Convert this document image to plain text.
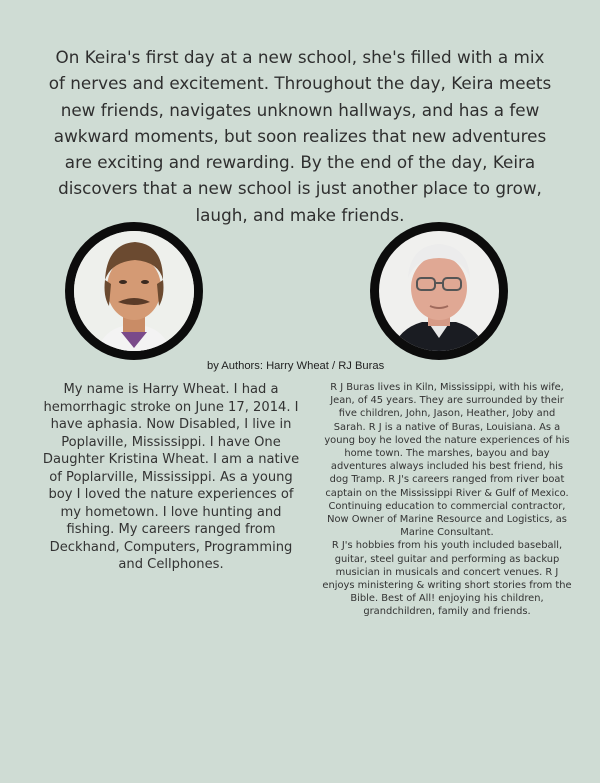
On Keira's first day at a new school, she's filled with a mix of nerves and excitement. Throughout the day, Keira meets new friends, navigates unknown hallways, and has a few awkward moments, but soon realizes that new adventures are exciting and rewarding. By the end of the day, Keira discovers that a new school is just another place to grow, laugh, and make friends.

by Authors: Harry Wheat / RJ Buras

My name is Harry Wheat. I had a hemorrhagic stroke on June 17, 2014. I have aphasia. Now Disabled, I live in Poplaville, Mississippi. I have One Daughter Kristina Wheat. I am a native of Poplarville, Mississippi. As a young boy I loved the nature experiences of my hometown. I love hunting and fishing. My careers ranged from Deckhand, Computers, Programming and Cellphones.

R J Buras lives in Kiln, Mississippi, with his wife, Jean, of 45 years. They are surrounded by their five children, John, Jason, Heather, Joby and Sarah. R J is a native of Buras, Louisiana. As a young boy he loved the nature experiences of his home town. The marshes, bayou and bay adventures always included his best friend, his dog Tramp. R J's careers ranged from river boat captain on the Mississippi River & Gulf of Mexico. Continuing education to commercial contractor, Now Owner of Marine Resource and Logistics, as Marine Consultant.

R J's hobbies from his youth included baseball, guitar, steel guitar and performing as backup musician in musicals and concert venues. R J enjoys ministering & writing short stories from the Bible. Best of All! enjoying his children, grandchildren, family and friends.
